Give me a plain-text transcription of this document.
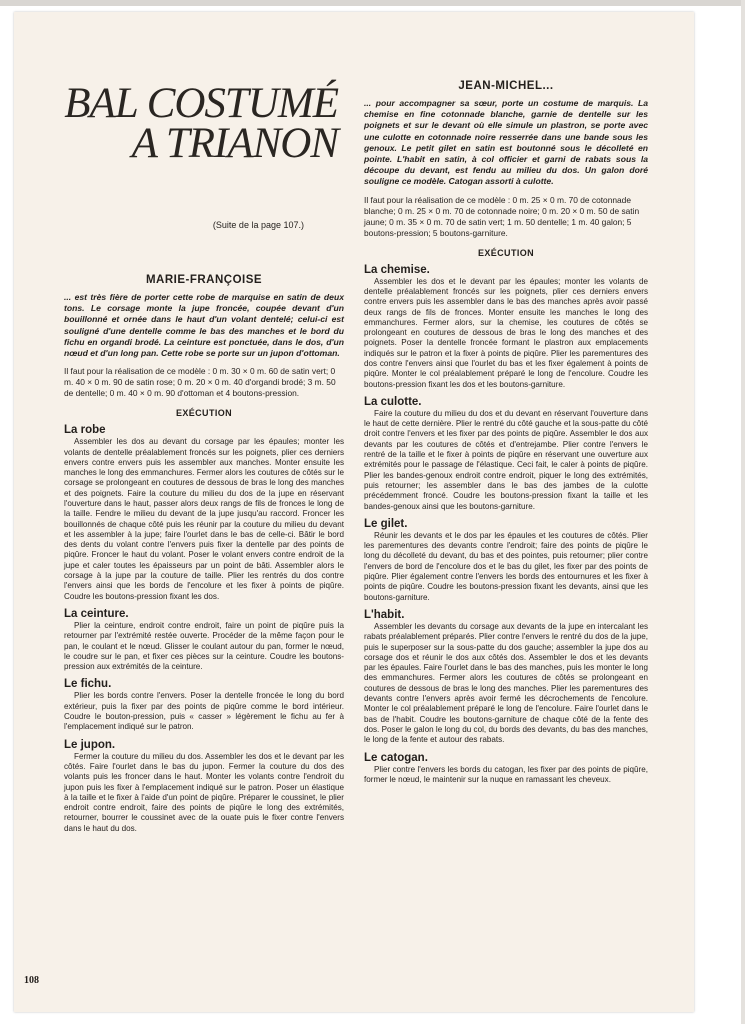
BAL COSTUMÉ
A TRIANON
(Suite de la page 107.)
MARIE-FRANÇOISE

... est très fière de porter cette robe de marquise en satin de deux tons. Le corsage monte la jupe froncée, coupée devant d'un bouillonné et ornée dans le haut d'un volant dentelé; celui-ci est souligné d'une dentelle comme le bas des manches et le bord du fichu en organdi brodé. La ceinture est ponctuée, dans le dos, d'un nœud et d'un long pan. Cette robe se porte sur un jupon d'ottoman.

Il faut pour la réalisation de ce modèle : 0 m. 30 × 0 m. 60 de satin vert; 0 m. 40 × 0 m. 90 de satin rose; 0 m. 20 × 0 m. 40 d'organdi brodé; 3 m. 50 de dentelle; 0 m. 40 × 0 m. 90 d'ottoman et 4 boutons-pression.

EXÉCUTION
La robe

Assembler les dos au devant du corsage par les épaules; monter les volants de dentelle préalablement froncés sur les poignets, plier ces derniers envers contre envers puis les assembler aux manches. Monter ensuite les manches le long des emmanchures. Fermer alors les coutures de côtés sur le corsage se prolongeant en coutures de dessous de bras le long des manches et des poignets. Faire la couture du milieu du dos de la jupe en réservant l'ouverture dans le haut, passer alors deux rangs de fils de fronces le long de la taille. Fendre le milieu du devant de la jupe jusqu'au raccord. Froncer les bouillonnés de chaque côté puis les réunir par la couture du milieu du devant et les assembler à la jupe; faire l'ourlet dans le bas de celle-ci. Bâtir le bord des dents du volant contre l'envers puis fixer la dentelle par des points de piqûre. Froncer le haut du volant. Poser le volant envers contre endroit de la jupe et caler toutes les épaisseurs par un point de bâti. Assembler alors le corsage à la jupe par la couture de taille. Plier les rentrés du dos contre l'envers ainsi que les bords de l'encolure et les fixer à points de piqûre. Coudre les boutons-pression fixant les dos.

La ceinture.

Plier la ceinture, endroit contre endroit, faire un point de piqûre puis la retourner par l'extrémité restée ouverte. Procéder de la même façon pour le pan, le coulant et le nœud. Glisser le coulant autour du pan, former le nœud, le coudre sur le pan, et fixer ces pièces sur la ceinture. Coudre les boutons-pression aux extrémités de la ceinture.

Le fichu.

Plier les bords contre l'envers. Poser la dentelle froncée le long du bord extérieur, puis la fixer par des points de piqûre comme le bord intérieur. Coudre le bouton-pression, puis « casser » légèrement le fichu au fer à l'emplacement indiqué sur le patron.

Le jupon.

Fermer la couture du milieu du dos. Assembler les dos et le devant par les côtés. Faire l'ourlet dans le bas du jupon. Fermer la couture du dos des volants puis les froncer dans le haut. Monter les volants contre l'endroit du jupon puis les fixer à l'emplacement indiqué sur le patron. Poser un élastique à la taille et le fixer à l'aide d'un point de piqûre. Préparer le coussinet, le plier endroit contre endroit, faire des points de piqûre le long des extrémités, retourner, bourrer le coussinet avec de la ouate puis le fixer contre l'envers dans le haut du dos.

JEAN-MICHEL...

... pour accompagner sa sœur, porte un costume de marquis. La chemise en fine cotonnade blanche, garnie de dentelle sur les poignets et sur le devant où elle simule un plastron, se porte avec une culotte en cotonnade noire resserrée dans une bande sous les genoux. Le petit gilet en satin est boutonné sous le décolleté en pointe. L'habit en satin, à col officier et garni de rabats sous la découpe du devant, est fendu au milieu du dos. Un galon doré souligne ce modèle. Catogan assorti à culotte.

Il faut pour la réalisation de ce modèle : 0 m. 25 × 0 m. 70 de cotonnade blanche; 0 m. 25 × 0 m. 70 de cotonnade noire; 0 m. 20 × 0 m. 50 de satin jaune; 0 m. 35 × 0 m. 70 de satin vert; 1 m. 50 dentelle; 1 m. 40 galon; 5 boutons-pression; 5 boutons-garniture.

EXÉCUTION
La chemise.

Assembler les dos et le devant par les épaules; monter les volants de dentelle préalablement froncés sur les poignets, plier ces derniers envers contre envers puis les assembler dans le bas des manches après avoir passé deux rangs de fils de fronces. Monter ensuite les manches le long des emmanchures. Fermer alors, sur la chemise, les coutures de côtés se prolongeant en coutures de dessous de bras le long des manches et des poignets. Poser la dentelle froncée formant le plastron aux emplacements indiqués sur le patron et la fixer à points de piqûre. Plier les parementures des dos contre l'envers ainsi que l'ourlet du bas et les fixer également à points de piqûre. Monter le col préalablement préparé le long de l'encolure. Coudre les boutons-pression fixant les dos et les boutons-garniture.

La culotte.

Faire la couture du milieu du dos et du devant en réservant l'ouverture dans le haut de cette dernière. Plier le rentré du côté gauche et la sous-patte du côté droit contre l'envers et les fixer par des points de piqûre. Assembler le dos aux devants par les coutures de côtés et d'entrejambe. Plier contre l'envers le rentré de la taille et le fixer à points de piqûre en réservant une ouverture aux extrémités pour le passage de l'élastique. Ceci fait, le caler à points de piqûre. Plier les bandes-genoux endroit contre endroit, piquer le long des extrémités, puis retourner; les assembler dans le bas des jambes de la culotte précédemment froncé. Coudre les boutons-pression fixant la taille et les bandes-genoux ainsi que les boutons-garniture.

Le gilet.

Réunir les devants et le dos par les épaules et les coutures de côtés. Plier les parementures des devants contre l'endroit; faire des points de piqûre le long du décolleté du devant, du bas et des pointes, puis retourner; plier contre l'envers de bord de l'encolure dos et le bas du gilet, les fixer par des points de piqûre. Plier également contre l'envers les bords des entournures et les fixer à points de piqûre. Coudre les boutons-pression fixant les devants, ainsi que les boutons-garniture.

L'habit.

Assembler les devants du corsage aux devants de la jupe en intercalant les rabats préalablement préparés. Plier contre l'envers le rentré du dos de la jupe, puis le superposer sur la sous-patte du dos gauche; assembler la jupe dos au corsage dos et réunir le dos aux côtés dos. Assembler le dos et les devants par les épaules. Faire l'ourlet dans le bas des manches, puis les monter le long des emmanchures. Fermer alors les coutures de côtés se prolongeant en coutures de dessous de bras le long des manches. Plier les parementures des devants contre l'envers après avoir fermé les décrochements de l'encolure. Monter le col préalablement préparé le long de l'encolure. Faire l'ourlet dans le bas de l'habit. Coudre les boutons-garniture de chaque côté de la fente des dos. Poser le galon le long du col, du bords des devants, du bas des manches, le long de la fente et autour des rabats.

Le catogan.

Plier contre l'envers les bords du catogan, les fixer par des points de piqûre, former le nœud, le maintenir sur la nuque en ramassant les cheveux.

108
